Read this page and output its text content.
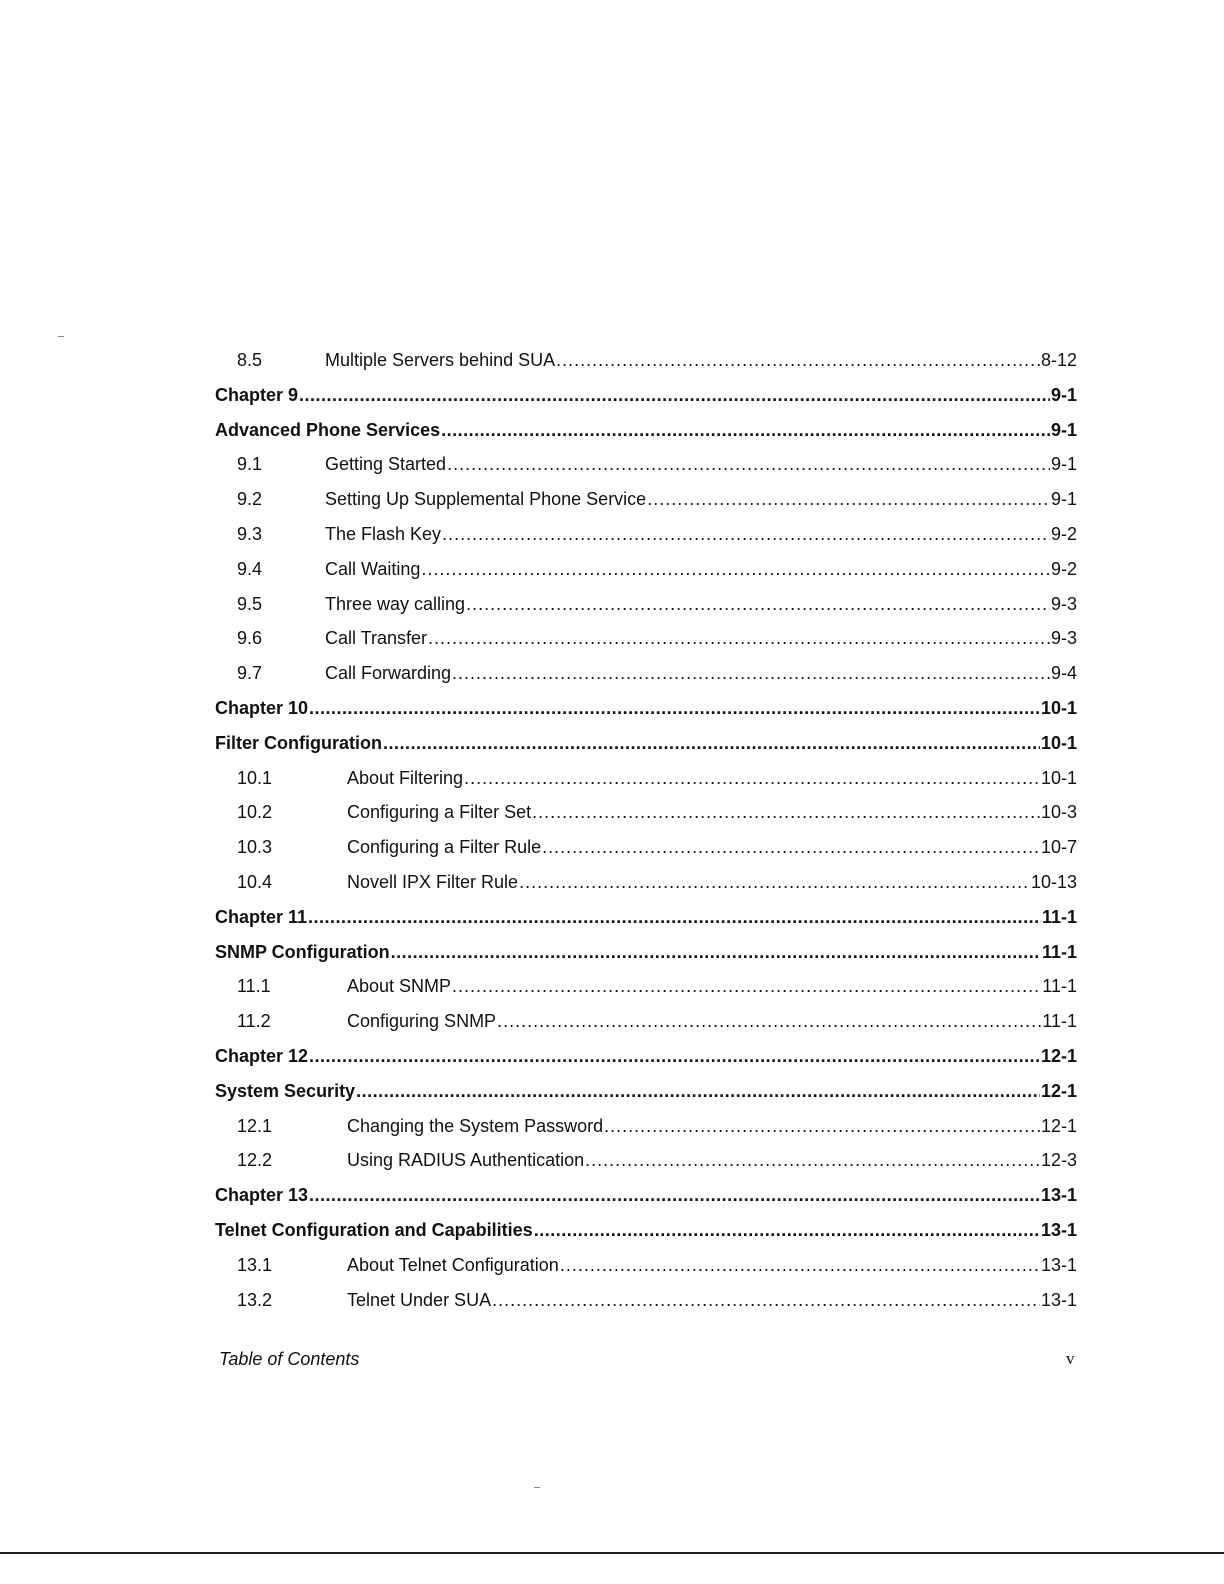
8.5	Multiple Servers behind SUA .....	8-12
Chapter 9 .....	9-1
Advanced Phone Services .....	9-1
9.1	Getting Started .....	9-1
9.2	Setting Up Supplemental Phone Service .....	9-1
9.3	The Flash Key .....	9-2
9.4	Call Waiting .....	9-2
9.5	Three way calling .....	9-3
9.6	Call Transfer .....	9-3
9.7	Call Forwarding .....	9-4
Chapter 10 .....	10-1
Filter Configuration .....	10-1
10.1	About Filtering .....	10-1
10.2	Configuring a Filter Set .....	10-3
10.3	Configuring a Filter Rule .....	10-7
10.4	Novell IPX Filter Rule .....	10-13
Chapter 11 .....	11-1
SNMP Configuration .....	11-1
11.1	About SNMP .....	11-1
11.2	Configuring SNMP .....	11-1
Chapter 12 .....	12-1
System Security .....	12-1
12.1	Changing the System Password .....	12-1
12.2	Using RADIUS Authentication .....	12-3
Chapter 13 .....	13-1
Telnet Configuration and Capabilities .....	13-1
13.1	About Telnet Configuration .....	13-1
13.2	Telnet Under SUA .....	13-1
Table of Contents	v
